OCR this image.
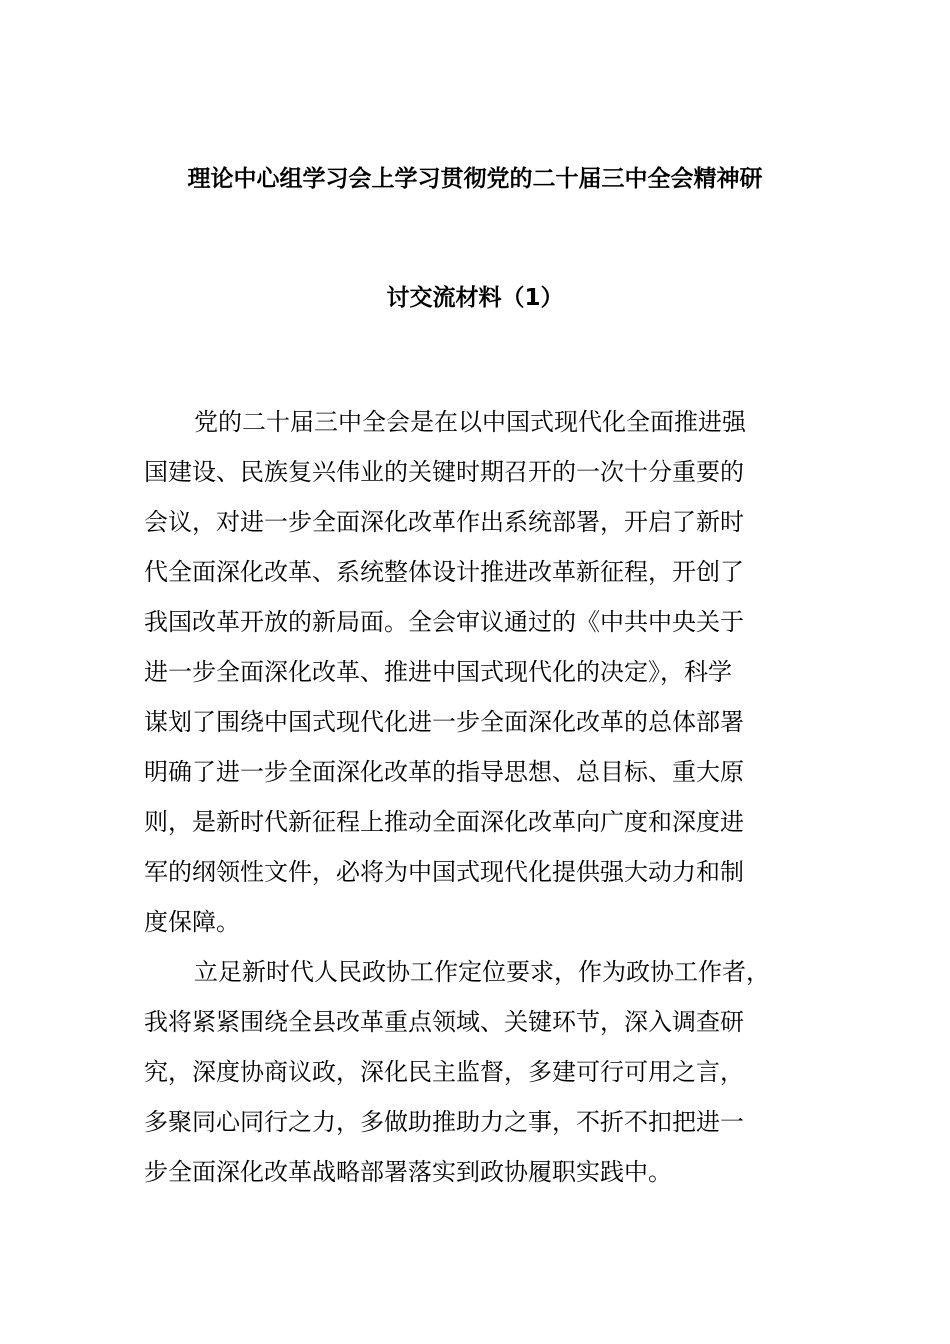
理论中心组学习会上学习贯彻党的二十届三中全会精神研
讨交流材料（1）
党的二十届三中全会是在以中国式现代化全面推进强
国建设、民族复兴伟业的关键时期召开的一次十分重要的
会议，对进一步全面深化改革作出系统部署，开启了新时
代全面深化改革、系统整体设计推进改革新征程，开创了
我国改革开放的新局面。全会审议通过的《中共中央关于
进一步全面深化改革、推进中国式现代化的决定》，科学
谋划了围绕中国式现代化进一步全面深化改革的总体部署
明确了进一步全面深化改革的指导思想、总目标、重大原
则，是新时代新征程上推动全面深化改革向广度和深度进
军的纲领性文件，必将为中国式现代化提供强大动力和制
度保障。
立足新时代人民政协工作定位要求，作为政协工作者，
我将紧紧围绕全县改革重点领域、关键环节，深入调查研
究，深度协商议政，深化民主监督，多建可行可用之言，
多聚同心同行之力，多做助推助力之事，不折不扣把进一
步全面深化改革战略部署落实到政协履职实践中。
